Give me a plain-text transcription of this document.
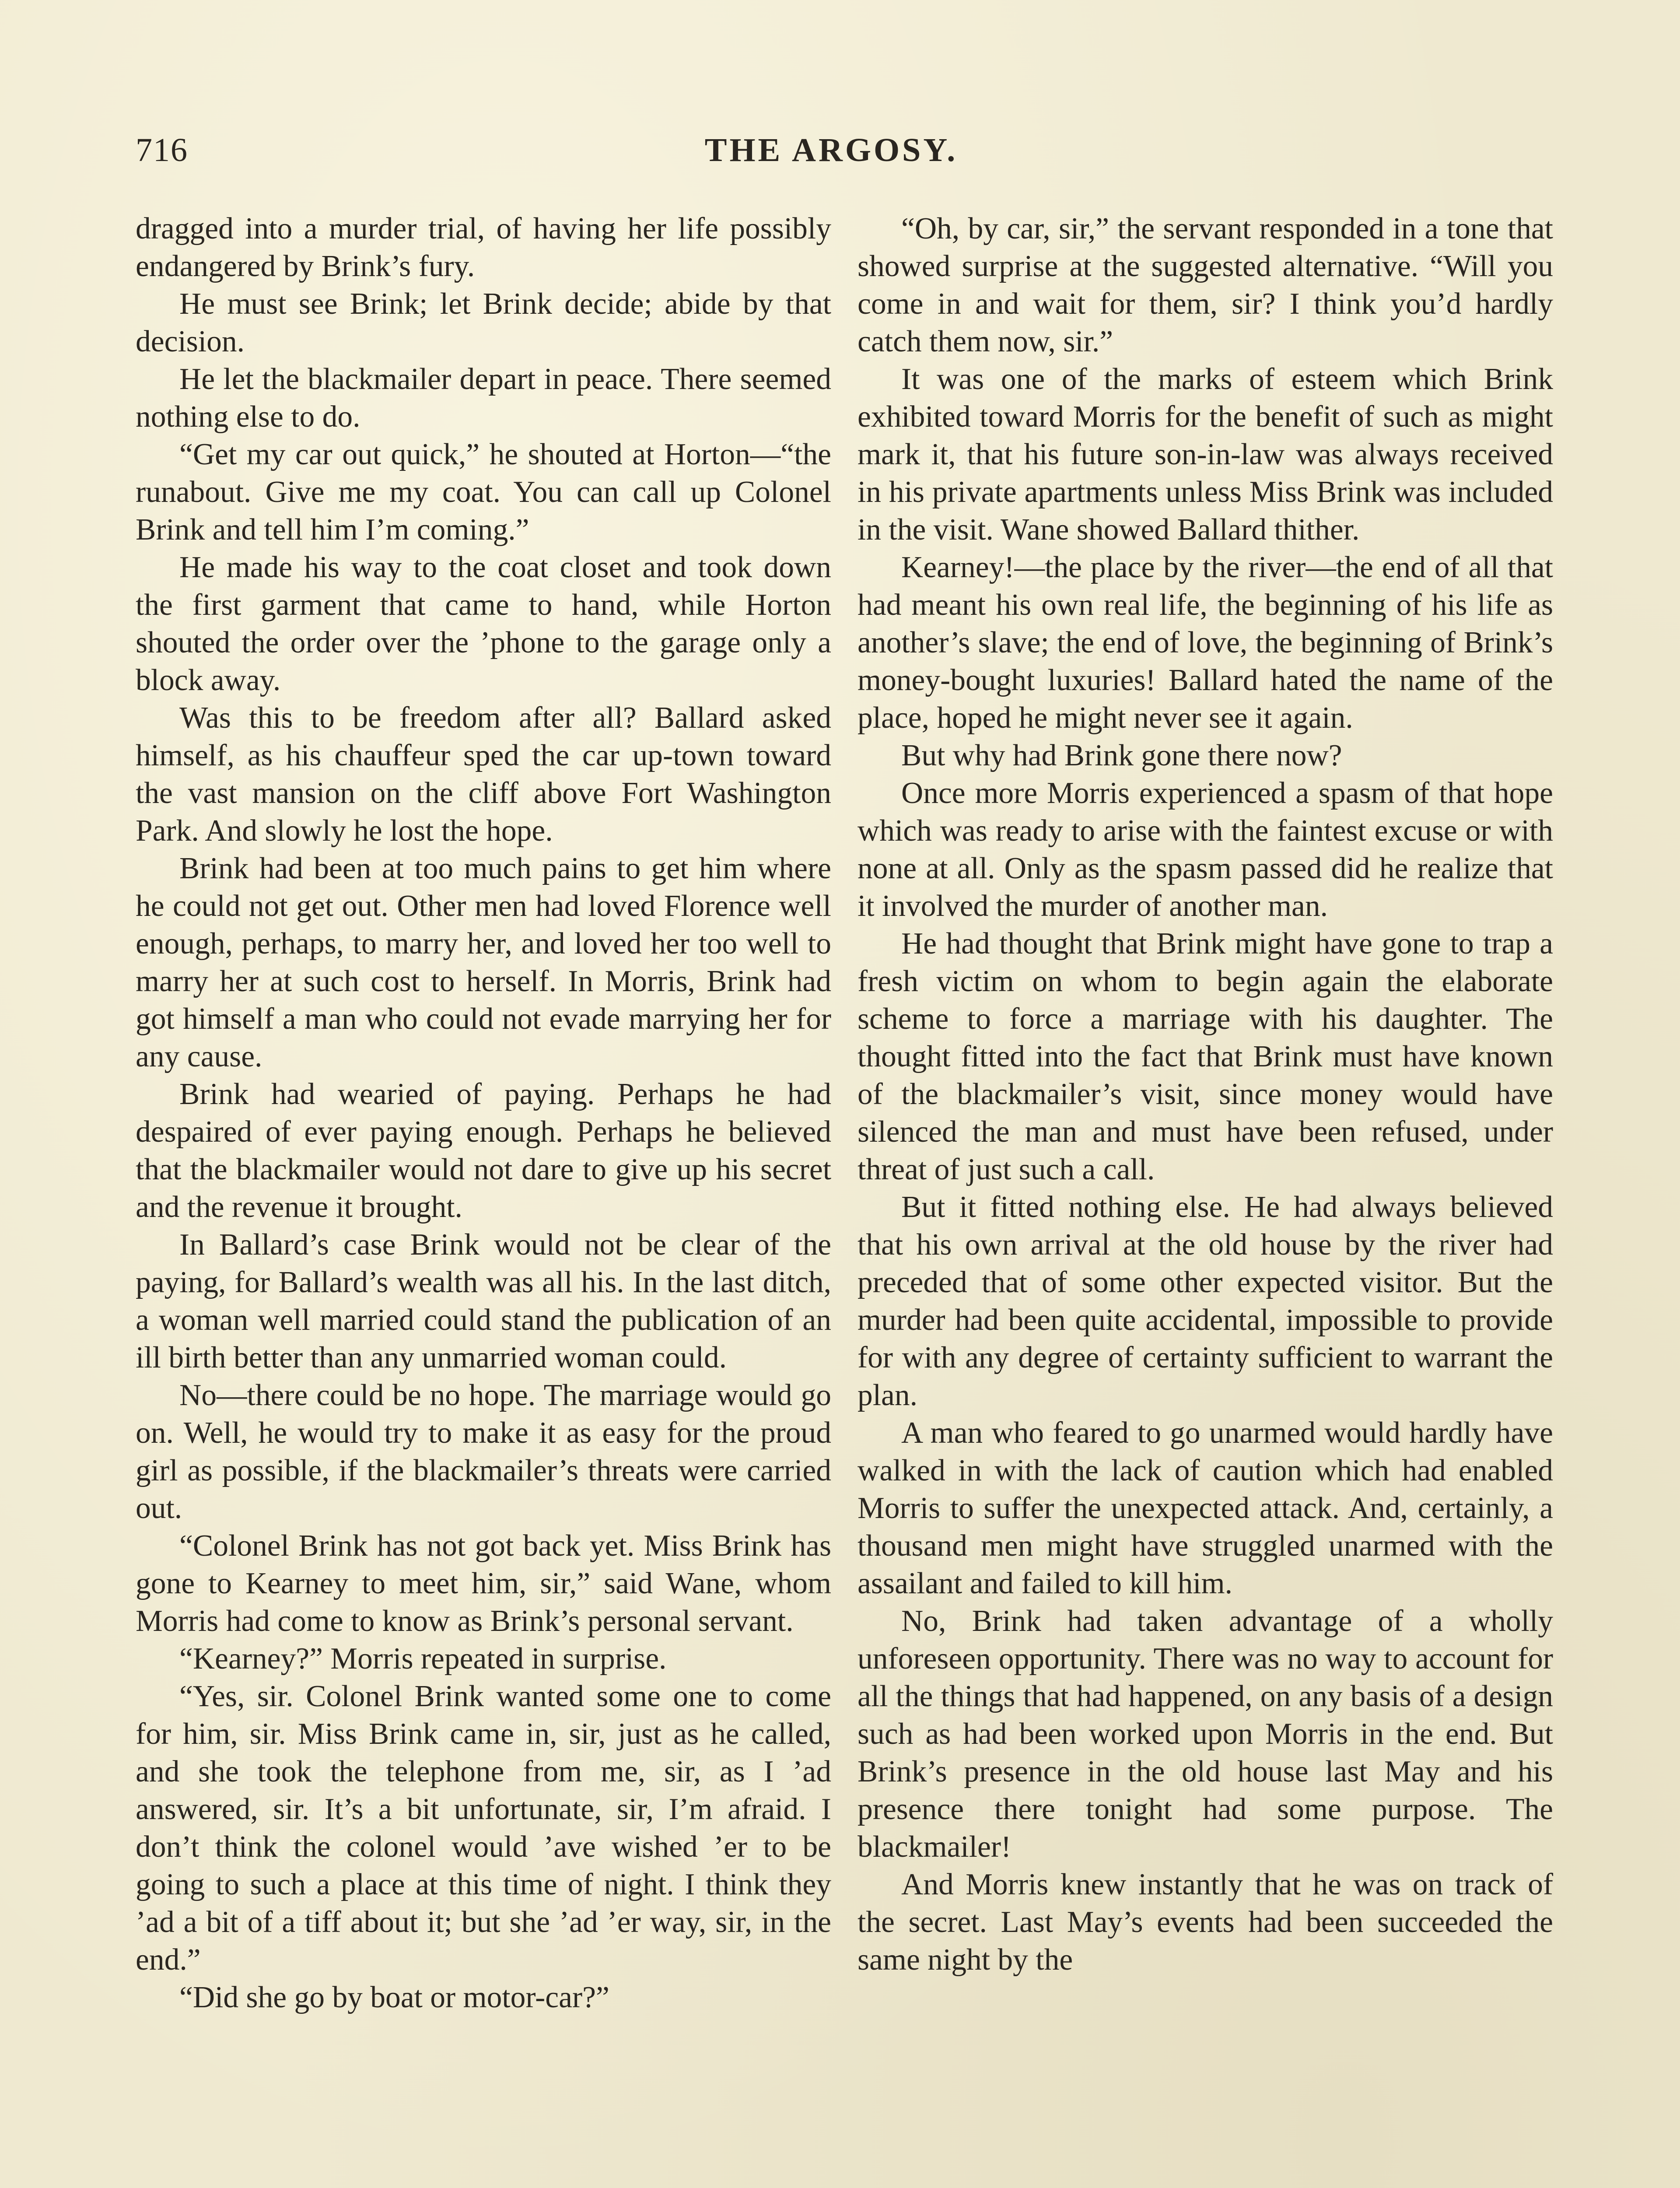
716	THE ARGOSY.

dragged into a murder trial, of having her life possibly endangered by Brink’s fury.

He must see Brink; let Brink decide; abide by that decision.

He let the blackmailer depart in peace. There seemed nothing else to do.

“Get my car out quick,” he shouted at Horton—“the runabout. Give me my coat. You can call up Colonel Brink and tell him I’m coming.”

He made his way to the coat closet and took down the first garment that came to hand, while Horton shouted the order over the ’phone to the garage only a block away.

Was this to be freedom after all? Ballard asked himself, as his chauffeur sped the car up-town toward the vast mansion on the cliff above Fort Washington Park. And slowly he lost the hope.

Brink had been at too much pains to get him where he could not get out. Other men had loved Florence well enough, perhaps, to marry her, and loved her too well to marry her at such cost to herself. In Morris, Brink had got himself a man who could not evade marrying her for any cause.

Brink had wearied of paying. Perhaps he had despaired of ever paying enough. Perhaps he believed that the blackmailer would not dare to give up his secret and the revenue it brought.

In Ballard’s case Brink would not be clear of the paying, for Ballard’s wealth was all his. In the last ditch, a woman well married could stand the publication of an ill birth better than any unmarried woman could.

No—there could be no hope. The marriage would go on. Well, he would try to make it as easy for the proud girl as possible, if the blackmailer’s threats were carried out.

“Colonel Brink has not got back yet. Miss Brink has gone to Kearney to meet him, sir,” said Wane, whom Morris had come to know as Brink’s personal servant.

“Kearney?” Morris repeated in surprise.

“Yes, sir. Colonel Brink wanted some one to come for him, sir. Miss Brink came in, sir, just as he called, and she took the telephone from me, sir, as I ’ad answered, sir. It’s a bit unfortunate, sir, I’m afraid. I don’t think the colonel would ’ave wished ’er to be going to such a place at this time of night. I think they ’ad a bit of a tiff about it; but she ’ad ’er way, sir, in the end.”

“Did she go by boat or motor-car?”

“Oh, by car, sir,” the servant responded in a tone that showed surprise at the suggested alternative. “Will you come in and wait for them, sir? I think you’d hardly catch them now, sir.”

It was one of the marks of esteem which Brink exhibited toward Morris for the benefit of such as might mark it, that his future son-in-law was always received in his private apartments unless Miss Brink was included in the visit. Wane showed Ballard thither.

Kearney!—the place by the river—the end of all that had meant his own real life, the beginning of his life as another’s slave; the end of love, the beginning of Brink’s money-bought luxuries! Ballard hated the name of the place, hoped he might never see it again.

But why had Brink gone there now?

Once more Morris experienced a spasm of that hope which was ready to arise with the faintest excuse or with none at all. Only as the spasm passed did he realize that it involved the murder of another man.

He had thought that Brink might have gone to trap a fresh victim on whom to begin again the elaborate scheme to force a marriage with his daughter. The thought fitted into the fact that Brink must have known of the blackmailer’s visit, since money would have silenced the man and must have been refused, under threat of just such a call.

But it fitted nothing else. He had always believed that his own arrival at the old house by the river had preceded that of some other expected visitor. But the murder had been quite accidental, impossible to provide for with any degree of certainty sufficient to warrant the plan.

A man who feared to go unarmed would hardly have walked in with the lack of caution which had enabled Morris to suffer the unexpected attack. And, certainly, a thousand men might have struggled unarmed with the assailant and failed to kill him.

No, Brink had taken advantage of a wholly unforeseen opportunity. There was no way to account for all the things that had happened, on any basis of a design such as had been worked upon Morris in the end. But Brink’s presence in the old house last May and his presence there tonight had some purpose. The blackmailer!

And Morris knew instantly that he was on track of the secret. Last May’s events had been succeeded the same night by the
